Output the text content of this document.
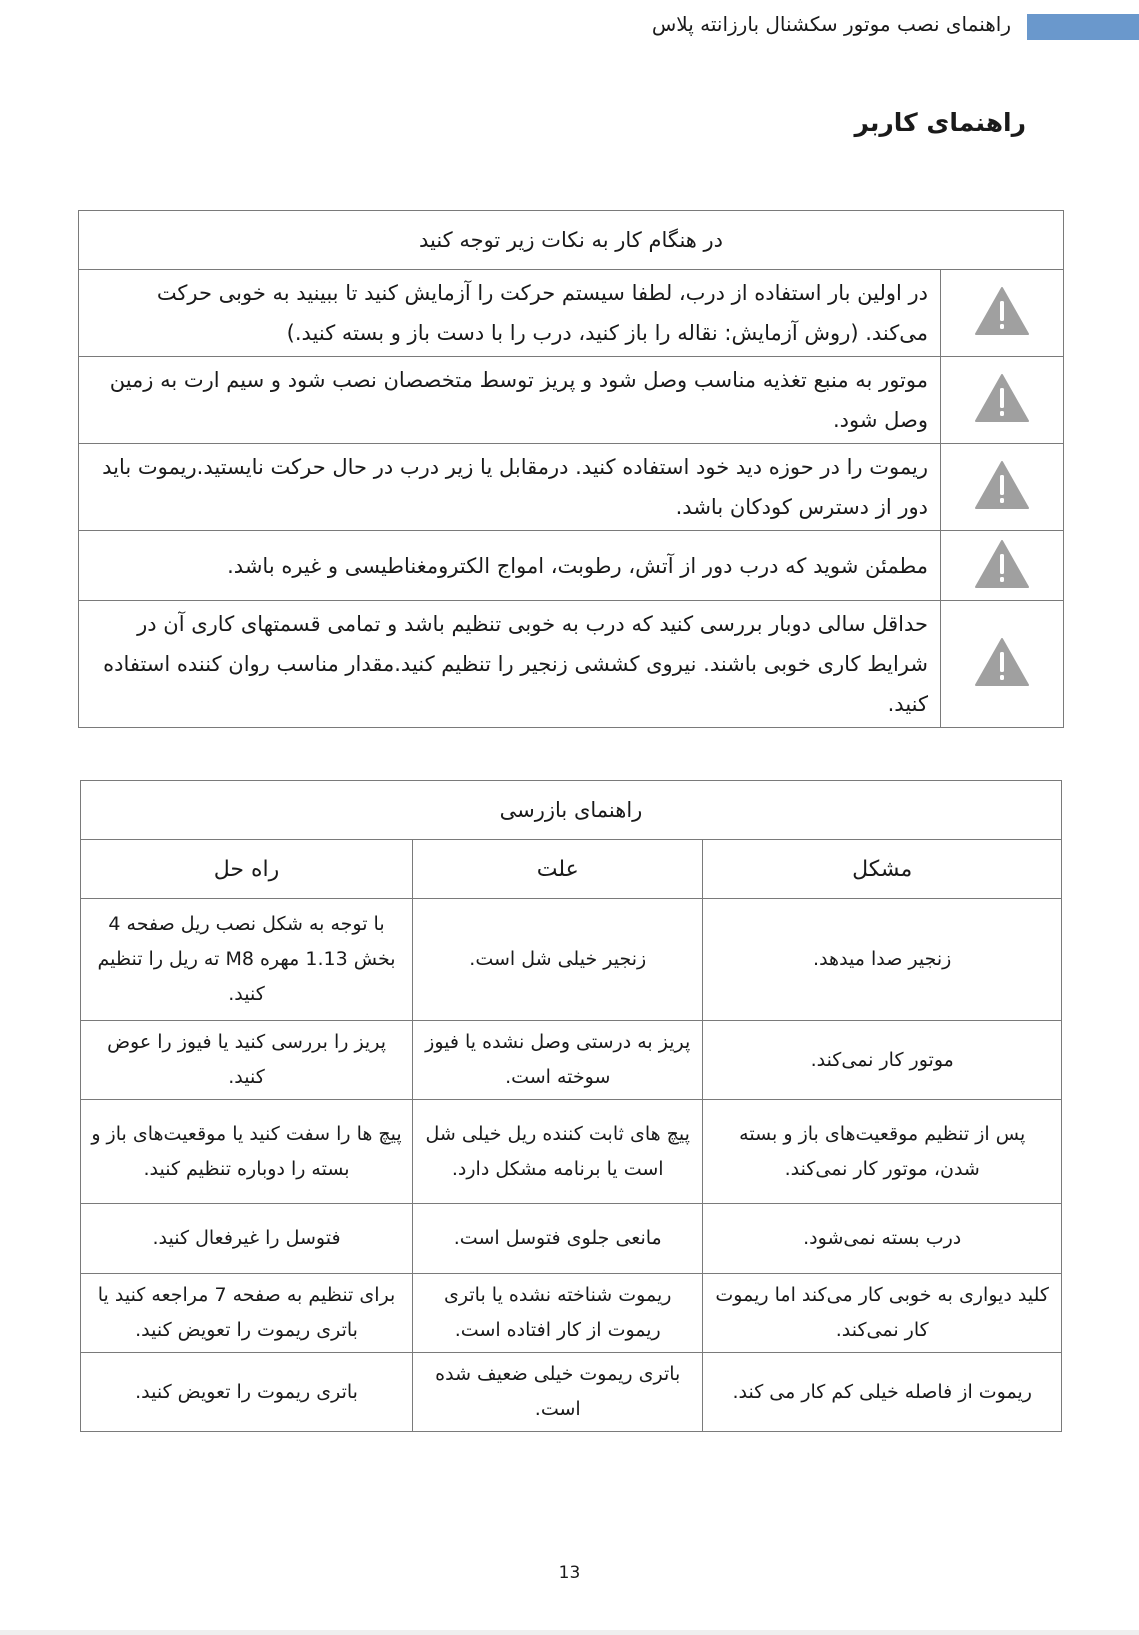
راهنمای نصب موتور سکشنال بارزانته پلاس
راهنمای کاربر
در هنگام کار به نکات زیر توجه کنید	
	در اولین بار استفاده از درب، لطفا سیستم حرکت را آزمایش کنید تا ببینید به خوبی حرکت می‌کند. (روش آزمایش: نقاله را باز کنید، درب را با دست باز و بسته کنید.)
	موتور به منبع تغذیه مناسب وصل شود و پریز توسط متخصصان نصب شود و سیم ارت به زمین وصل شود.
	ریموت را در حوزه دید خود استفاده کنید. درمقابل یا زیر درب در حال حرکت نایستید.ریموت باید دور از دسترس کودکان باشد.
	مطمئن شوید که درب دور از آتش، رطوبت، امواج الکترومغناطیسی و غیره باشد.
	حداقل سالی دوبار بررسی کنید که درب به خوبی تنظیم باشد و تمامی قسمتهای کاری آن در شرایط کاری خوبی باشند. نیروی کششی زنجیر را تنظیم کنید.مقدار مناسب روان کننده استفاده کنید.
راهنمای بازرسی		
مشکل	علت	راه حل
زنجیر صدا میدهد.	زنجیر خیلی شل است.	با توجه به شکل نصب ریل صفحه 4 بخش 1.13 مهره M8 ته ریل را تنظیم کنید.
موتور کار نمی‌کند.	پریز به درستی وصل نشده یا فیوز سوخته است.	پریز را بررسی کنید یا فیوز را عوض کنید.
پس از تنظیم موقعیت‌های باز و بسته شدن، موتور کار نمی‌کند.	پیچ های ثابت کننده ریل خیلی شل است یا برنامه مشکل دارد.	پیچ ها را سفت کنید یا موقعیت‌های باز و بسته را دوباره تنظیم کنید.
درب بسته نمی‌شود.	مانعی جلوی فتوسل است.	فتوسل را غیرفعال کنید.
کلید دیواری به خوبی کار می‌کند اما ریموت کار نمی‌کند.	ریموت شناخته نشده یا باتری ریموت از کار افتاده است.	برای تنظیم به صفحه 7 مراجعه کنید یا باتری ریموت را تعویض کنید.
ریموت از فاصله خیلی کم کار می کند.	باتری ریموت خیلی ضعیف شده است.	باتری ریموت را تعویض کنید.
13
